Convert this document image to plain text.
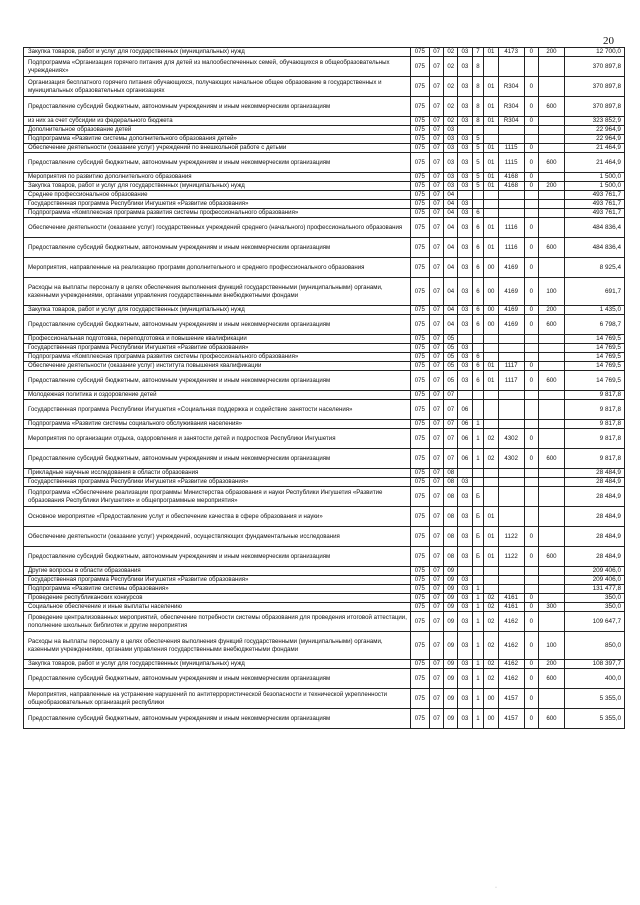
20
Закупка товаров, работ и услуг для государственных (муниципальных) нужд	075	07	02	03	7	01	4173	0	200	12 700,0
Подпрограмма «Организация горячего питания для детей из малообеспеченных семей, обучающихся в общеобразовательных учреждениях»	075	07	02	03	8					370 897,8
Организация бесплатного горячего питания обучающихся, получающих начальное общее образование в государственных и муниципальных образовательных организациях	075	07	02	03	8	01	R304	0		370 897,8
Предоставление субсидий бюджетным, автономным учреждениям и иным некоммерческим организациям	075	07	02	03	8	01	R304	0	600	370 897,8
из них за счет субсидии из федерального бюджета	075	07	02	03	8	01	R304	0		323 852,9
Дополнительное образование детей	075	07	03							22 964,9
Подпрограмма «Развитие системы дополнительного образования детей»	075	07	03	03	5					22 964,9
Обеспечение деятельности (оказание услуг) учреждений по внешкольной работе с детьми	075	07	03	03	5	01	1115	0		21 464,9
Предоставление субсидий бюджетным, автономным учреждениям и иным некоммерческим организациям	075	07	03	03	5	01	1115	0	600	21 464,9
Мероприятия по развитию дополнительного образования	075	07	03	03	5	01	4168	0		1 500,0
Закупка товаров, работ и услуг для государственных (муниципальных) нужд	075	07	03	03	5	01	4168	0	200	1 500,0
Среднее профессиональное образование	075	07	04							493 761,7
Государственная программа Республики Ингушетия «Развитие образования»	075	07	04	03						493 761,7
Подпрограмма «Комплексная программа развития системы профессионального образования»	075	07	04	03	6					493 761,7
Обеспечение деятельности (оказание услуг) государственных учреждений среднего (начального) профессионального образования	075	07	04	03	6	01	1116	0		484 836,4
Предоставление субсидий бюджетным, автономным учреждениям и иным некоммерческим организациям	075	07	04	03	6	01	1116	0	600	484 836,4
Мероприятия, направленные на реализацию программ дополнительного и среднего профессионального образования	075	07	04	03	6	00	4169	0		8 925,4
Расходы на выплаты персоналу в целях обеспечения выполнения функций государственными (муниципальными) органами, казенными учреждениями, органами управления государственными внебюджетными фондами	075	07	04	03	6	00	4169	0	100	691,7
Закупка товаров, работ и услуг для государственных (муниципальных) нужд	075	07	04	03	6	00	4169	0	200	1 435,0
Предоставление субсидий бюджетным, автономным учреждениям и иным некоммерческим организациям	075	07	04	03	6	00	4169	0	600	6 798,7
Профессиональная подготовка, переподготовка и повышение квалификации	075	07	05							14 769,5
Государственная программа Республики Ингушетия «Развитие образования»	075	07	05	03						14 769,5
Подпрограмма «Комплексная программа развития системы профессионального образования»	075	07	05	03	6					14 769,5
Обеспечение деятельности (оказание услуг) института повышения квалификации	075	07	05	03	6	01	1117	0		14 769,5
Предоставление субсидий бюджетным, автономным учреждениям и иным некоммерческим организациям	075	07	05	03	6	01	1117	0	600	14 769,5
Молодежная политика и оздоровление детей	075	07	07							9 817,8
Государственная программа Республики Ингушетия «Социальная поддержка и содействие занятости населения»	075	07	07	06						9 817,8
Подпрограмма «Развитие системы социального обслуживания населения»	075	07	07	06	1					9 817,8
Мероприятия по организации отдыха, оздоровления и занятости детей и подростков Республики Ингушетия	075	07	07	06	1	02	4302	0		9 817,8
Предоставление субсидий бюджетным, автономным учреждениям и иным некоммерческим организациям	075	07	07	06	1	02	4302	0	600	9 817,8
Прикладные научные исследования в области образования	075	07	08							28 484,9
Государственная программа Республики Ингушетия «Развитие образования»	075	07	08	03						28 484,9
Подпрограмма «Обеспечение реализации программы Министерства образования и науки Республики Ингушетия «Развитие образования Республики Ингушетия» и общепрограммные мероприятия»	075	07	08	03	Б					28 484,9
Основное мероприятие «Предоставление услуг и обеспечение качества в сфере образования и науки»	075	07	08	03	Б	01				28 484,9
Обеспечение деятельности (оказание услуг) учреждений, осуществляющих фундаментальные исследования	075	07	08	03	Б	01	1122	0		28 484,9
Предоставление субсидий бюджетным, автономным учреждениям и иным некоммерческим организациям	075	07	08	03	Б	01	1122	0	600	28 484,9
Другие вопросы в области образования	075	07	09							209 406,0
Государственная программа Республики Ингушетия «Развитие образования»	075	07	09	03						209 406,0
Подпрограмма «Развитие системы образования»	075	07	09	03	1					131 477,8
Проведение республиканских конкурсов	075	07	09	03	1	02	4161	0		350,0
Социальное обеспечение и иные выплаты населению	075	07	09	03	1	02	4161	0	300	350,0
Проведение централизованных мероприятий, обеспечение потребности системы образования для проведения итоговой аттестации, пополнение школьных библиотек и другие мероприятия	075	07	09	03	1	02	4162	0		109 647,7
Расходы на выплаты персоналу в целях обеспечения выполнения функций государственными (муниципальными) органами, казенными учреждениями, органами управления государственными внебюджетными фондами	075	07	09	03	1	02	4162	0	100	850,0
Закупка товаров, работ и услуг для государственных (муниципальных) нужд	075	07	09	03	1	02	4162	0	200	108 397,7
Предоставление субсидий бюджетным, автономным учреждениям и иным некоммерческим организациям	075	07	09	03	1	02	4162	0	600	400,0
Мероприятия, направленные на устранение нарушений по антитеррористической безопасности и технической укрепленности общеобразовательных организаций республики	075	07	09	03	1	00	4157	0		5 355,0
Предоставление субсидий бюджетным, автономным учреждениям и иным некоммерческим организациям	075	07	09	03	1	00	4157	0	600	5 355,0
·
